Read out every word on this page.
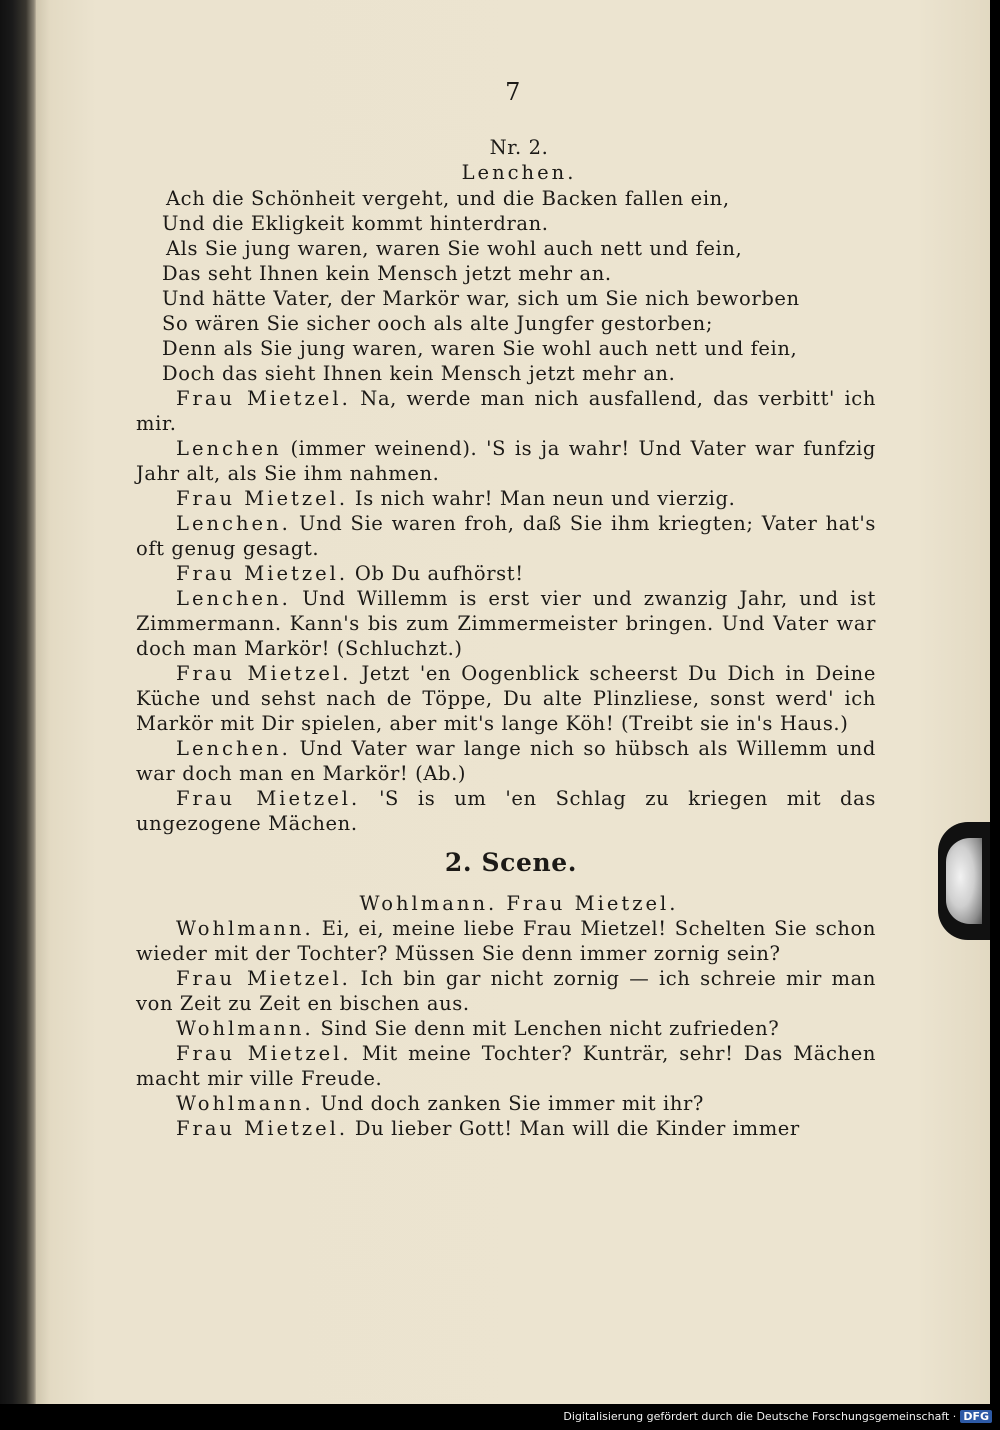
7
Nr. 2.
Lenchen.
Ach die Schönheit vergeht, und die Backen fallen ein,
Und die Ekligkeit kommt hinterdran.
Als Sie jung waren, waren Sie wohl auch nett und fein,
Das seht Ihnen kein Mensch jetzt mehr an.
Und hätte Vater, der Markör war, sich um Sie nich beworben
So wären Sie sicher ooch als alte Jungfer gestorben;
Denn als Sie jung waren, waren Sie wohl auch nett und fein,
Doch das sieht Ihnen kein Mensch jetzt mehr an.

Frau Mietzel. Na, werde man nich ausfallend, das verbitt' ich mir.

Lenchen (immer weinend). 'S is ja wahr! Und Vater war funfzig Jahr alt, als Sie ihm nahmen.

Frau Mietzel. Is nich wahr! Man neun und vierzig.

Lenchen. Und Sie waren froh, daß Sie ihm kriegten; Vater hat's oft genug gesagt.

Frau Mietzel. Ob Du aufhörst!

Lenchen. Und Willemm is erst vier und zwanzig Jahr, und ist Zimmermann. Kann's bis zum Zimmermeister bringen. Und Vater war doch man Markör! (Schluchzt.)

Frau Mietzel. Jetzt 'en Oogenblick scheerst Du Dich in Deine Küche und sehst nach de Töppe, Du alte Plinzliese, sonst werd' ich Markör mit Dir spielen, aber mit's lange Köh! (Treibt sie in's Haus.)

Lenchen. Und Vater war lange nich so hübsch als Willemm und war doch man en Markör! (Ab.)

Frau Mietzel. 'S is um 'en Schlag zu kriegen mit das ungezogene Mächen.

2. Scene.
Wohlmann. Frau Mietzel.

Wohlmann. Ei, ei, meine liebe Frau Mietzel! Schelten Sie schon wieder mit der Tochter? Müssen Sie denn immer zornig sein?

Frau Mietzel. Ich bin gar nicht zornig — ich schreie mir man von Zeit zu Zeit en bischen aus.

Wohlmann. Sind Sie denn mit Lenchen nicht zufrieden?

Frau Mietzel. Mit meine Tochter? Kunträr, sehr! Das Mächen macht mir ville Freude.

Wohlmann. Und doch zanken Sie immer mit ihr?

Frau Mietzel. Du lieber Gott! Man will die Kinder immer

Digitalisierung gefördert durch die Deutsche Forschungsgemeinschaft · DFG
